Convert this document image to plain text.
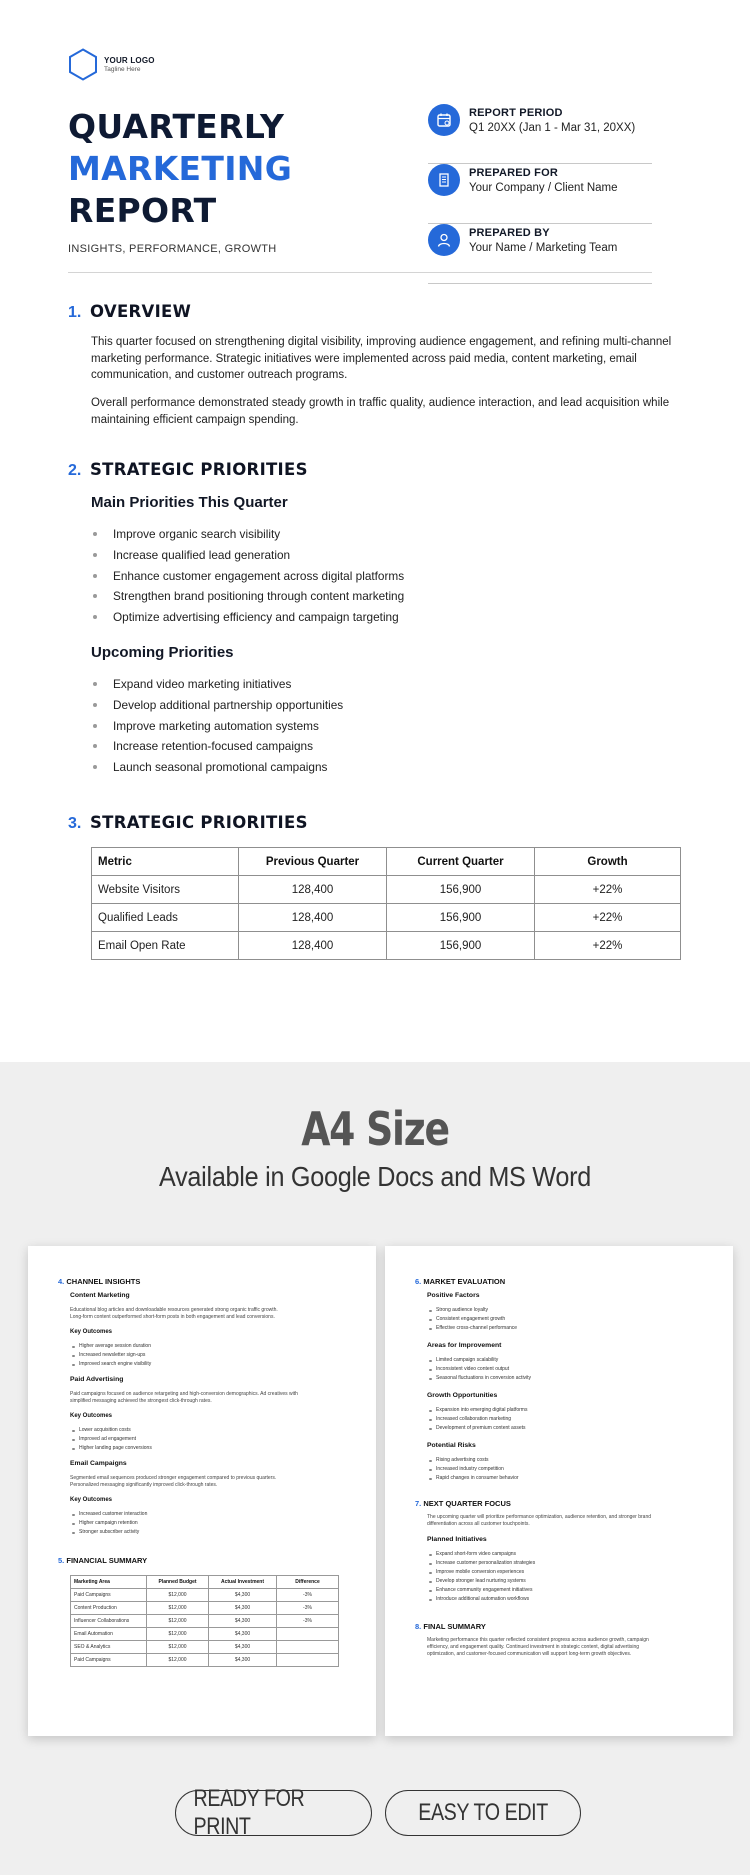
YOUR LOGO
Tagline Here
QUARTERLY
MARKETING
REPORT
INSIGHTS, PERFORMANCE, GROWTH
REPORT PERIOD
Q1 20XX (Jan 1 - Mar 31, 20XX)
PREPARED FOR
Your Company / Client Name
PREPARED BY
Your Name / Marketing Team
1. OVERVIEW

This quarter focused on strengthening digital visibility, improving audience engagement, and refining multi-channel marketing performance. Strategic initiatives were implemented across paid media, content marketing, email communication, and customer outreach programs.

Overall performance demonstrated steady growth in traffic quality, audience interaction, and lead acquisition while maintaining efficient campaign spending.

2. STRATEGIC PRIORITIES
Main Priorities This Quarter
Improve organic search visibility
Increase qualified lead generation
Enhance customer engagement across digital platforms
Strengthen brand positioning through content marketing
Optimize advertising efficiency and campaign targeting
Upcoming Priorities
Expand video marketing initiatives
Develop additional partnership opportunities
Improve marketing automation systems
Increase retention-focused campaigns
Launch seasonal promotional campaigns
3. STRATEGIC PRIORITIES
Metric	Previous Quarter	Current Quarter	Growth
Website Visitors	128,400	156,900	+22%
Qualified Leads	128,400	156,900	+22%
Email Open Rate	128,400	156,900	+22%
A4 Size
Available in Google Docs and MS Word
4. CHANNEL INSIGHTS
Content Marketing
Educational blog articles and downloadable resources generated strong organic traffic growth.
Long-form content outperformed short-form posts in both engagement and lead conversions.
Key Outcomes
Higher average session duration
Increased newsletter sign-ups
Improved search engine visibility
Paid Advertising
Paid campaigns focused on audience retargeting and high-conversion demographics. Ad creatives with
simplified messaging achieved the strongest click-through rates.
Key Outcomes
Lower acquisition costs
Improved ad engagement
Higher landing page conversions
Email Campaigns
Segmented email sequences produced stronger engagement compared to previous quarters.
Personalized messaging significantly improved click-through rates.
Key Outcomes
Increased customer interaction
Higher campaign retention
Stronger subscriber activity
5. FINANCIAL SUMMARY
Marketing Area	Planned Budget	Actual Investment	Difference
Paid Campaigns	$12,000	$4,300	-3%
Content Production	$12,000	$4,300	-3%
Influencer Collaborations	$12,000	$4,300	-3%
Email Automation	$12,000	$4,300	
SEO & Analytics	$12,000	$4,300	
Paid Campaigns	$12,000	$4,300	
6. MARKET EVALUATION
Positive Factors
Strong audience loyalty
Consistent engagement growth
Effective cross-channel performance
Areas for Improvement
Limited campaign scalability
Inconsistent video content output
Seasonal fluctuations in conversion activity
Growth Opportunities
Expansion into emerging digital platforms
Increased collaboration marketing
Development of premium content assets
Potential Risks
Rising advertising costs
Increased industry competition
Rapid changes in consumer behavior
7. NEXT QUARTER FOCUS
The upcoming quarter will prioritize performance optimization, audience retention, and stronger brand
differentiation across all customer touchpoints.
Planned Initiatives
Expand short-form video campaigns
Increase customer personalization strategies
Improve mobile conversion experiences
Develop stronger lead nurturing systems
Enhance community engagement initiatives
Introduce additional automation workflows
8. FINAL SUMMARY
Marketing performance this quarter reflected consistent progress across audience growth, campaign
efficiency, and engagement quality. Continued investment in strategic content, digital advertising
optimization, and customer-focused communication will support long-term growth objectives.
READY FOR PRINT
EASY TO EDIT
